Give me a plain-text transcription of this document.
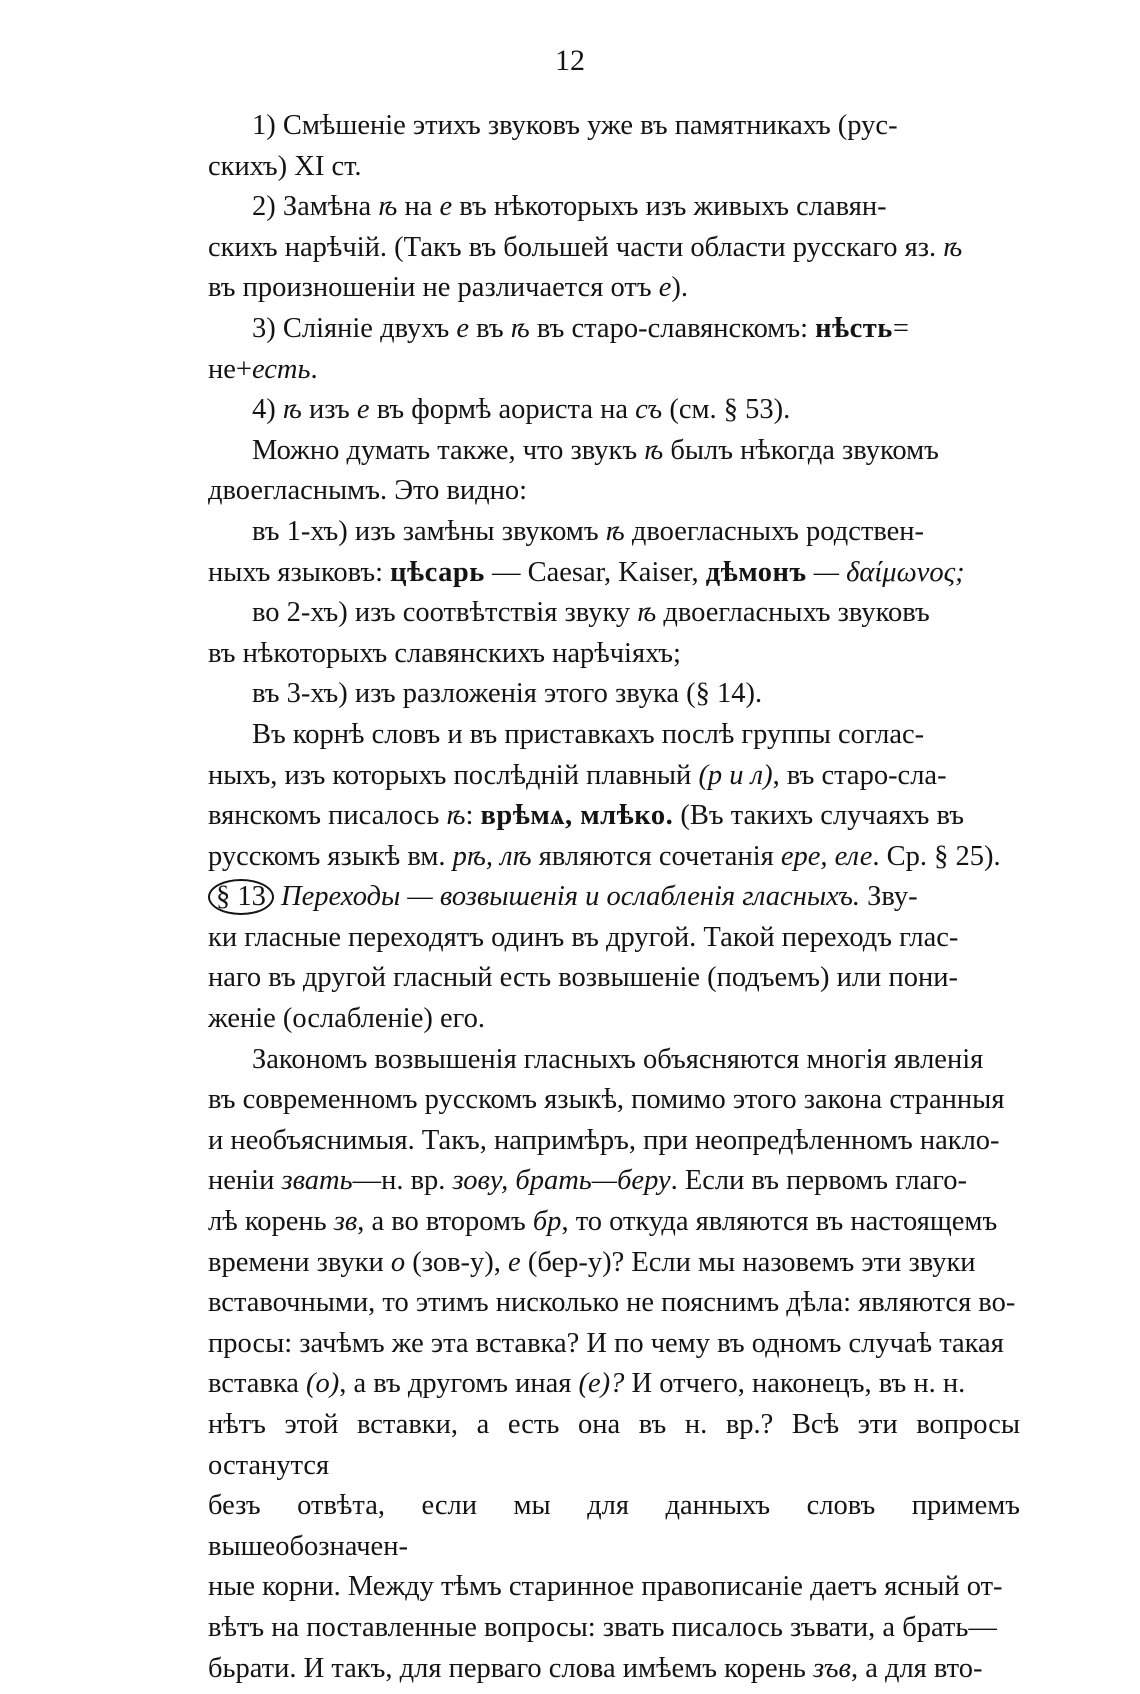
12

1) Смѣшеніе этихъ звуковъ уже въ памятникахъ (рус-

скихъ) XI ст.

2) Замѣна ѣ на е въ нѣкоторыхъ изъ живыхъ славян-

скихъ нарѣчій. (Такъ въ большей части области русскаго яз. ѣ

въ произношеніи не различается отъ е).

3) Сліяніе двухъ е въ ѣ въ старо-славянскомъ: нѣсть=

не+есть.

4) ѣ изъ е въ формѣ аориста на съ (см. § 53).

Можно думать также, что звукъ ѣ былъ нѣкогда звукомъ

двоегласнымъ. Это видно:

въ 1-хъ) изъ замѣны звукомъ ѣ двоегласныхъ родствен-

ныхъ языковъ: цѣсарь — Caesar, Kaiser, дѣмонъ — δαίμωνος;

во 2-хъ) изъ соотвѣтствія звуку ѣ двоегласныхъ звуковъ

въ нѣкоторыхъ славянскихъ нарѣчіяхъ;

въ 3-хъ) изъ разложенія этого звука (§ 14).

Въ корнѣ словъ и въ приставкахъ послѣ группы соглас-

ныхъ, изъ которыхъ послѣдній плавный (р и л), въ старо-сла-

вянскомъ писалось ѣ: врѣмѧ, млѣко. (Въ такихъ случаяхъ въ

русскомъ языкѣ вм. рѣ, лѣ являются сочетанія ере, еле. Ср. § 25).

§ 13 Переходы — возвышенія и ослабленія гласныхъ. Зву-

ки гласные переходятъ одинъ въ другой. Такой переходъ глас-

наго въ другой гласный есть возвышеніе (подъемъ) или пони-

женіе (ослабленіе) его.

Закономъ возвышенія гласныхъ объясняются многія явленія

въ современномъ русскомъ языкѣ, помимо этого закона странныя

и необъяснимыя. Такъ, напримѣръ, при неопредѣленномъ накло-

неніи звать—н. вр. зову, брать—беру. Если въ первомъ глаго-

лѣ корень зв, а во второмъ бр, то откуда являются въ настоящемъ

времени звуки о (зов-у), е (бер-у)? Если мы назовемъ эти звуки

вставочными, то этимъ нисколько не пояснимъ дѣла: являются во-

просы: зачѣмъ же эта вставка? И по чему въ одномъ случаѣ такая

вставка (о), а въ другомъ иная (е)? И отчего, наконецъ, въ н. н.

нѣтъ этой вставки, а есть она въ н. вр.? Всѣ эти вопросы останутся

безъ отвѣта, если мы для данныхъ словъ примемъ вышеобозначен-

ные корни. Между тѣмъ старинное правописаніе даетъ ясный от-

вѣтъ на поставленные вопросы: звать писалось зъвати, а брать—

бьрати. И такъ, для перваго слова имѣемъ корень зъв, а для вто-
